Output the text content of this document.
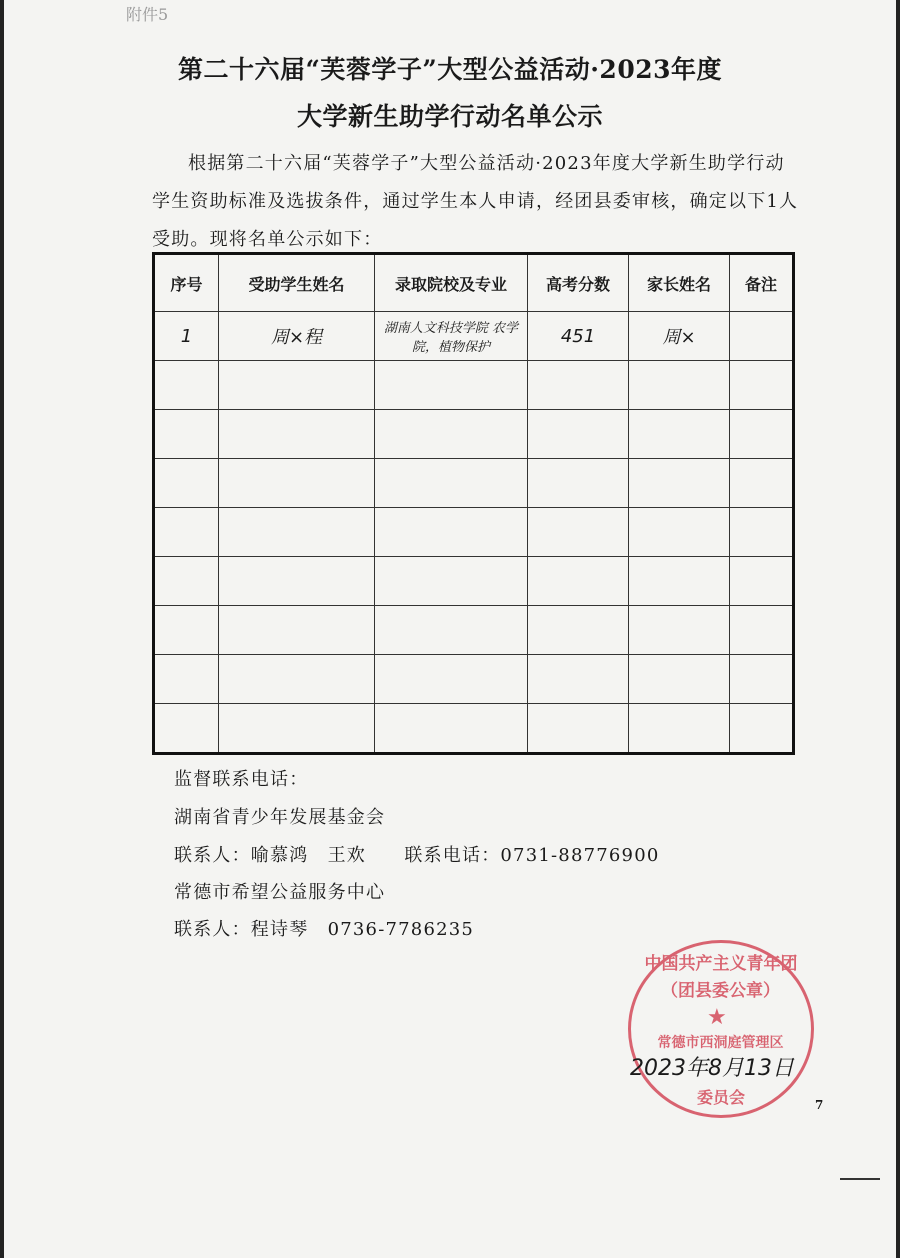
附件5
第二十六届“芙蓉学子”大型公益活动·2023年度
大学新生助学行动名单公示
根据第二十六届“芙蓉学子”大型公益活动·2023年度大学新生助学行动学生资助标准及选拔条件，通过学生本人申请，经团县委审核，确定以下1人受助。现将名单公示如下：
序号	受助学生姓名	录取院校及专业	高考分数	家长姓名	备注
1	周×程	湖南人文科技学院 农学院，植物保护	451	周×	

监督联系电话：
湖南省青少年发展基金会
联系人：喻慕鸿　王欢　　联系电话：0731-88776900
常德市希望公益服务中心
联系人：程诗琴　0736-7786235
中国共产主义青年团
（团县委公章）
★
常德市西洞庭管理区
委员会
2023年8月13日
7
